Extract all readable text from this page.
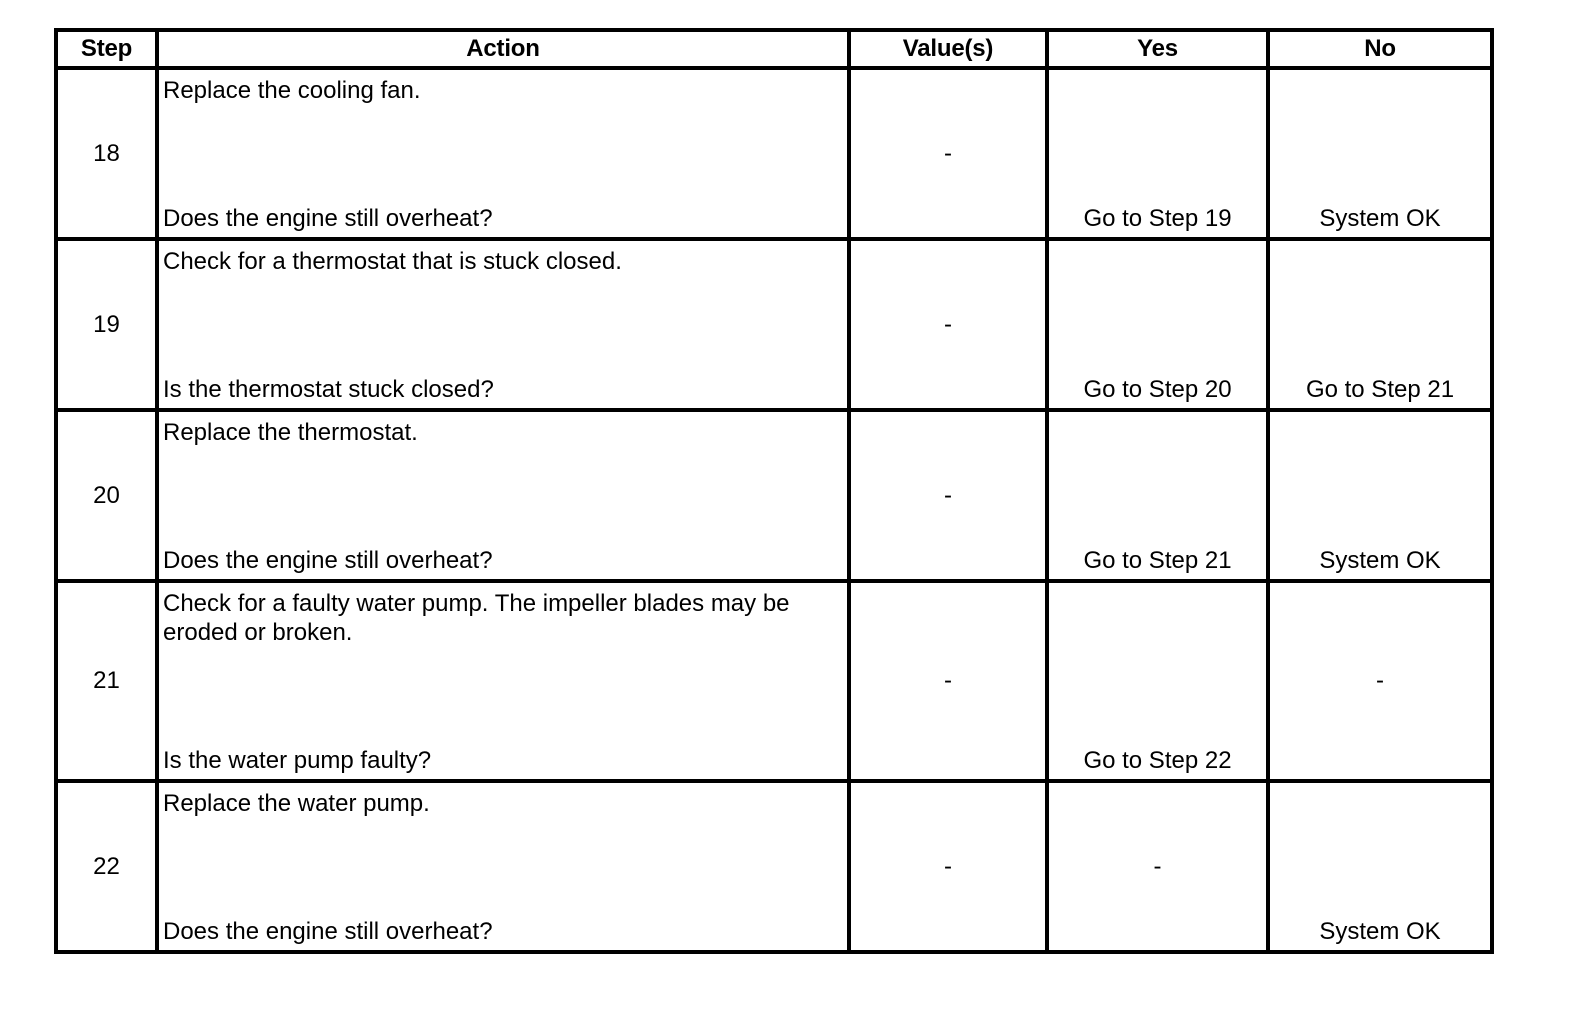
Step	Action	Value(s)	Yes	No
18	Replace the cooling fan.
Does the engine still overheat?	-	Go to Step 19	System OK

19	Check for a thermostat that is stuck closed.
Is the thermostat stuck closed?	-	Go to Step 20	Go to Step 21

20	Replace the thermostat.
Does the engine still overheat?	-	Go to Step 21	System OK

21	Check for a faulty water pump. The impeller blades may be eroded or broken.
Is the water pump faulty?	-	Go to Step 22	-

22	Replace the water pump.
Does the engine still overheat?	-	-	System OK
